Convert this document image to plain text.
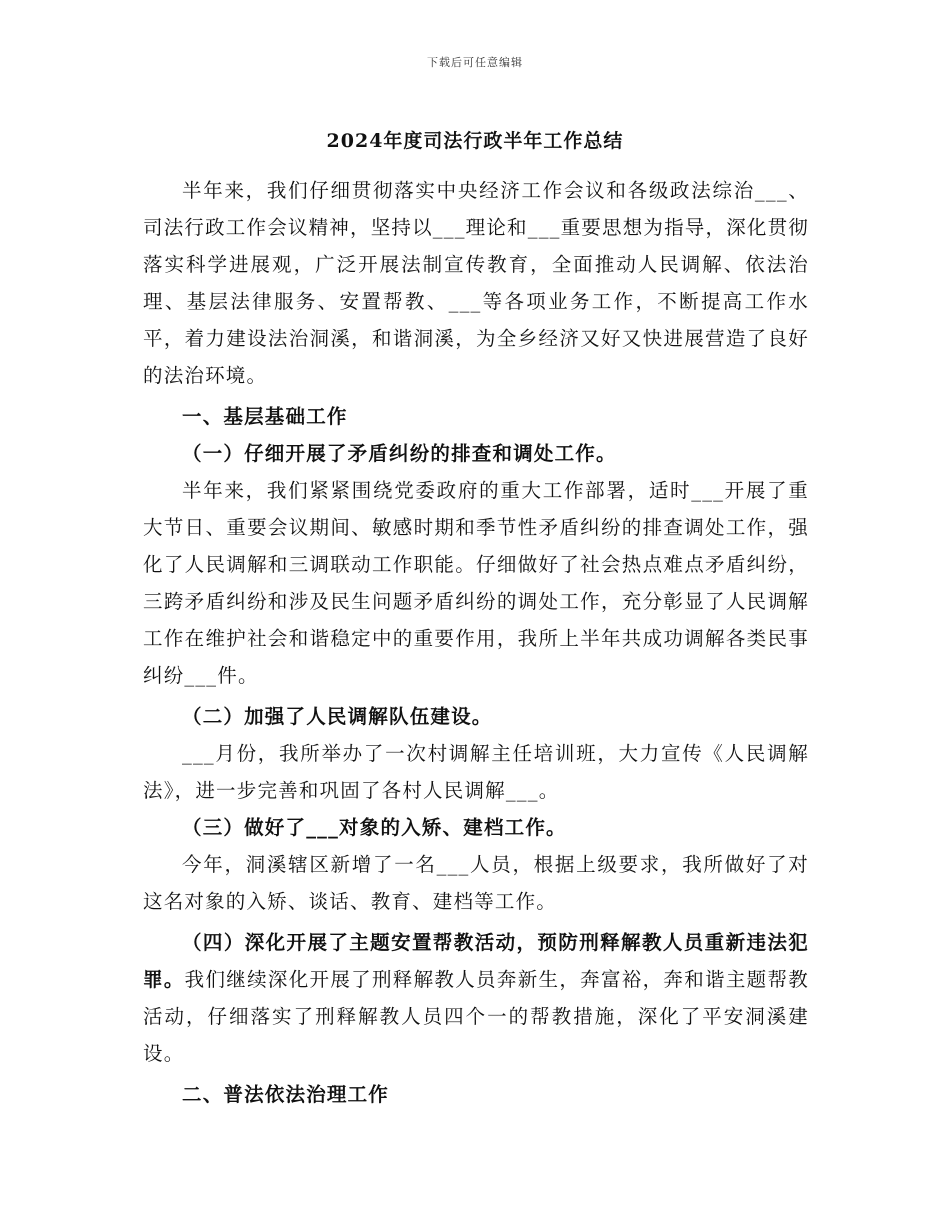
下载后可任意编辑
2024年度司法行政半年工作总结

半年来，我们仔细贯彻落实中央经济工作会议和各级政法综治___、司法行政工作会议精神，坚持以___理论和___重要思想为指导，深化贯彻落实科学进展观，广泛开展法制宣传教育，全面推动人民调解、依法治理、基层法律服务、安置帮教、___等各项业务工作，不断提高工作水平，着力建设法治洞溪，和谐洞溪，为全乡经济又好又快进展营造了良好的法治环境。

一、基层基础工作

（一）仔细开展了矛盾纠纷的排查和调处工作。

半年来，我们紧紧围绕党委政府的重大工作部署，适时___开展了重大节日、重要会议期间、敏感时期和季节性矛盾纠纷的排查调处工作，强化了人民调解和三调联动工作职能。仔细做好了社会热点难点矛盾纠纷，三跨矛盾纠纷和涉及民生问题矛盾纠纷的调处工作，充分彰显了人民调解工作在维护社会和谐稳定中的重要作用，我所上半年共成功调解各类民事纠纷___件。

（二）加强了人民调解队伍建设。

___月份，我所举办了一次村调解主任培训班，大力宣传《人民调解法》，进一步完善和巩固了各村人民调解___。

（三）做好了___对象的入矫、建档工作。

今年，洞溪辖区新增了一名___人员，根据上级要求，我所做好了对这名对象的入矫、谈话、教育、建档等工作。

（四）深化开展了主题安置帮教活动，预防刑释解教人员重新违法犯罪。我们继续深化开展了刑释解教人员奔新生，奔富裕，奔和谐主题帮教活动，仔细落实了刑释解教人员四个一的帮教措施，深化了平安洞溪建设。

二、普法依法治理工作
